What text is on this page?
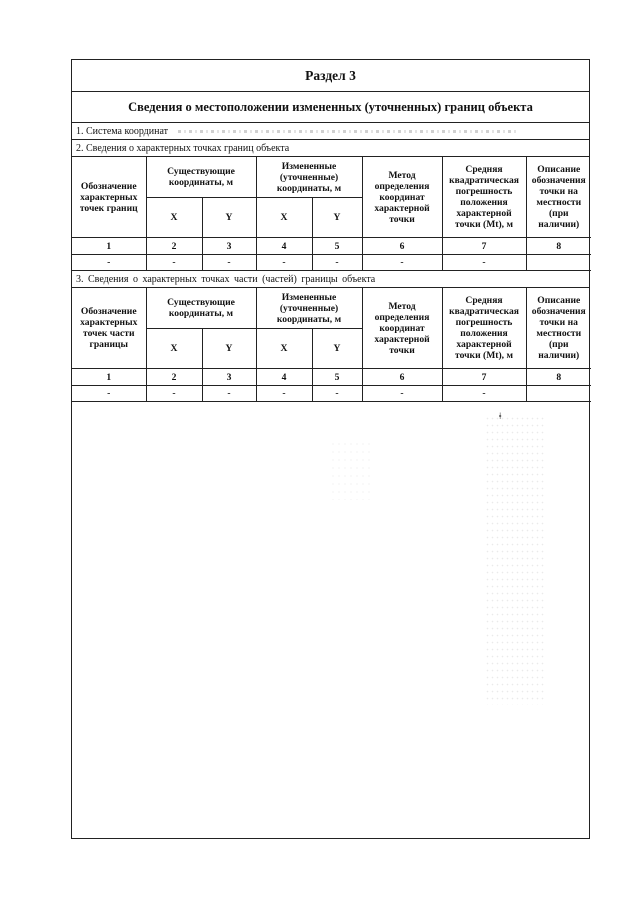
Раздел 3
Сведения о местоположении измененных (уточненных) границ объекта
1. Система координат
2. Сведения о характерных точках границ объекта
Обозначение характерных точек границ	Существующие координаты, м		Измененные (уточненные) координаты, м		Метод определения координат характерной точки	Средняя квадратическая погрешность положения характерной точки (Mt), м	Описание обозначения точки на местности (при наличии)
	X	Y	X	Y			
1	2	3	4	5	6	7	8
-	-	-	-	-	-	-	
3. Сведения о характерных точках части (частей) границы объекта
Обозначение характерных точек части границы	Существующие координаты, м		Измененные (уточненные) координаты, м		Метод определения координат характерной точки	Средняя квадратическая погрешность положения характерной точки (Mt), м	Описание обозначения точки на местности (при наличии)
	X	Y	X	Y			
1	2	3	4	5	6	7	8
-	-	-	-	-	-	-	
ǂ
